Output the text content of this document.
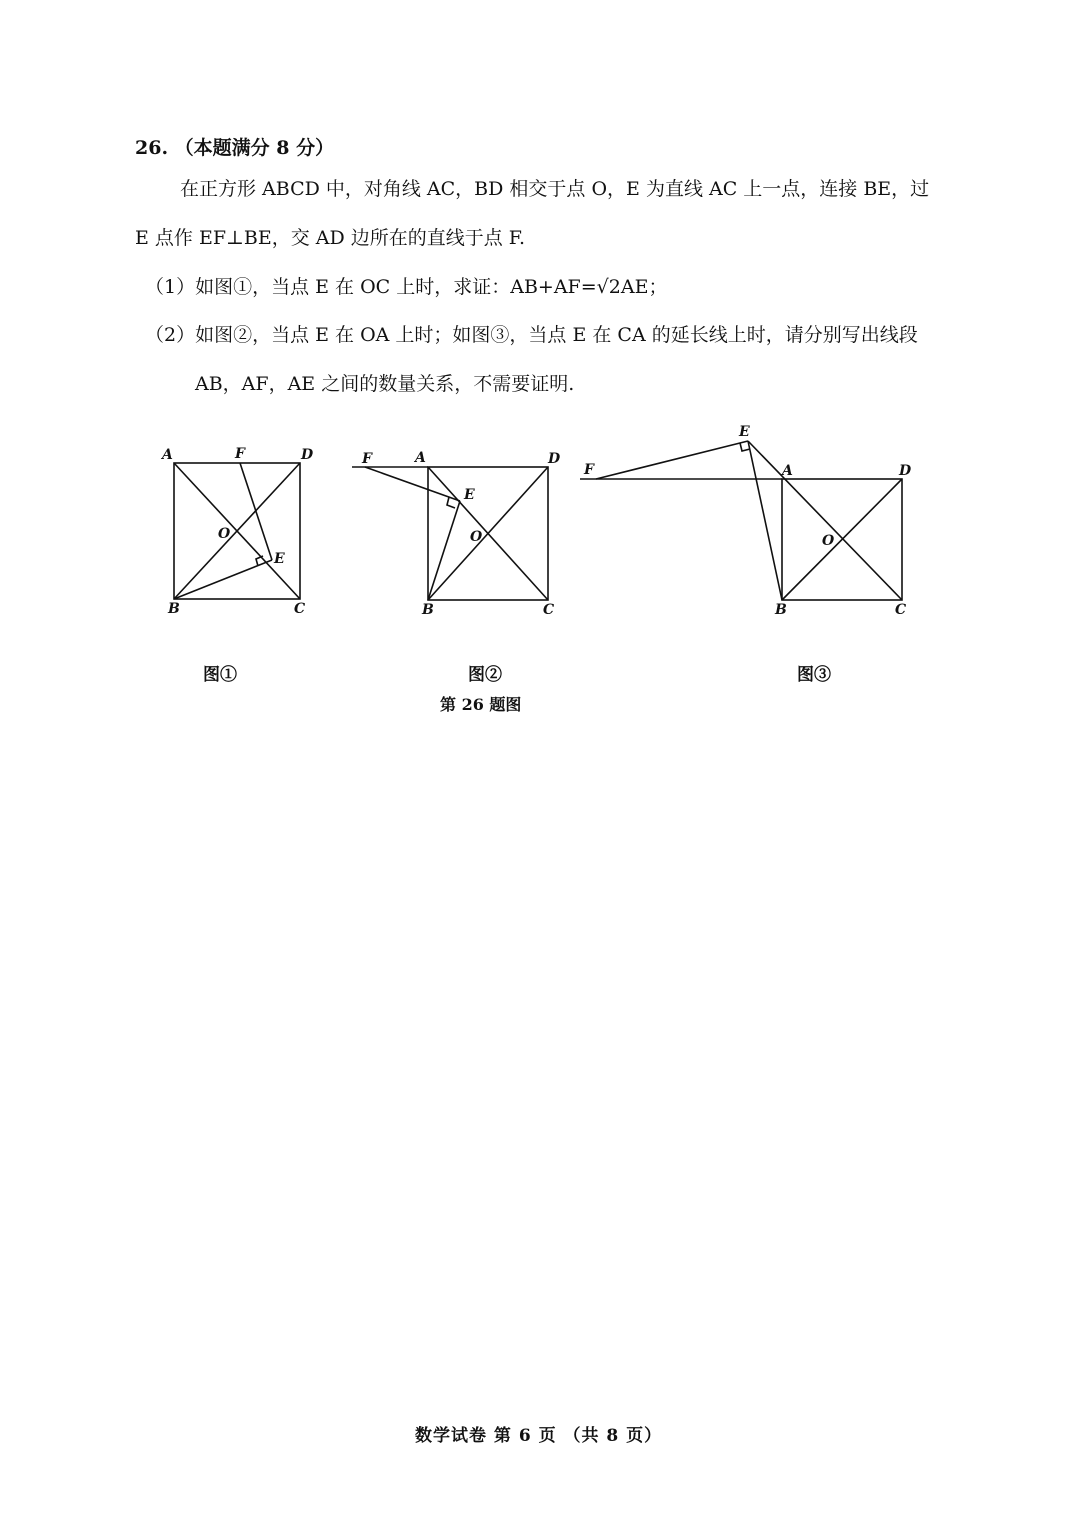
26. （本题满分 8 分）
在正方形 ABCD 中，对角线 AC，BD 相交于点 O，E 为直线 AC 上一点，连接 BE，过
E 点作 EF⊥BE，交 AD 边所在的直线于点 F.
（1）如图①，当点 E 在 OC 上时，求证：AB+AF=√2AE；
（2）如图②，当点 E 在 OA 上时；如图③，当点 E 在 CA 的延长线上时，请分别写出线段
AB，AF，AE 之间的数量关系，不需要证明.
A	F	D
O
E
B	C
F	A	D
E
O
B	C
E
F	A	D
O
B	C
图①	图②	图③
第 26 题图
数学试卷 第 6 页 （共 8 页）
